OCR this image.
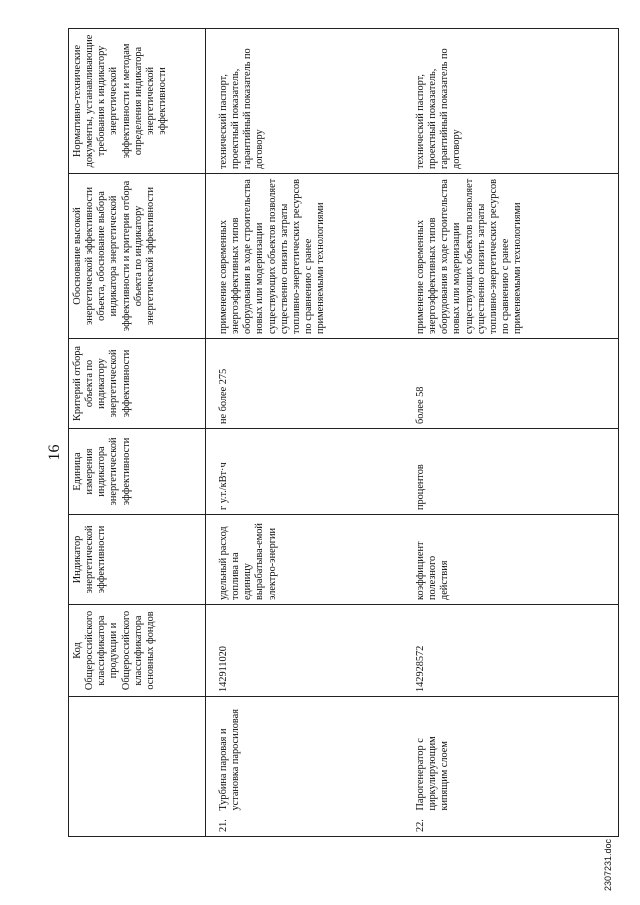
16
		Код Общероссийского классификатора продукции и Общероссийского классификатора основных фондов	Индикатор энергетической эффективности	Единица измерения индикатора энергетической эффективности	Критерий отбора объекта по индикатору энергетической эффективности	Обоснование высокой энергетической эффективности объекта, обоснование выбора индикатора энергетической эффективности и критерия отбора объекта по индикатору энергетической эффективности	Нормативно-технические документы, устанавливающие требования к индикатору энергетической эффективности и методам определения индикатора энергетической эффективности
21.	Турбина паровая и установка паросиловая	142911020	удельный расход топлива на единицу вырабатыва-емой электро-энергии	г у.т./кВт·ч	не более 275	применение современных энергоэффективных типов оборудования в ходе строительства новых или модернизации существующих объектов позволяет существенно снизить затраты топливно-энергетических ресурсов по сравнению с ранее применяемыми технологиями	технический паспорт, проектный показатель, гарантийный показатель по договору
22.	Парогенератор с циркулирующим кипящим слоем	142928572	коэффициент полезного действия	процентов	более 58	применение современных энергоэффективных типов оборудования в ходе строительства новых или модернизации существующих объектов позволяет существенно снизить затраты топливно-энергетических ресурсов по сравнению с ранее применяемыми технологиями	технический паспорт, проектный показатель, гарантийный показатель по договору
2307231.doc
